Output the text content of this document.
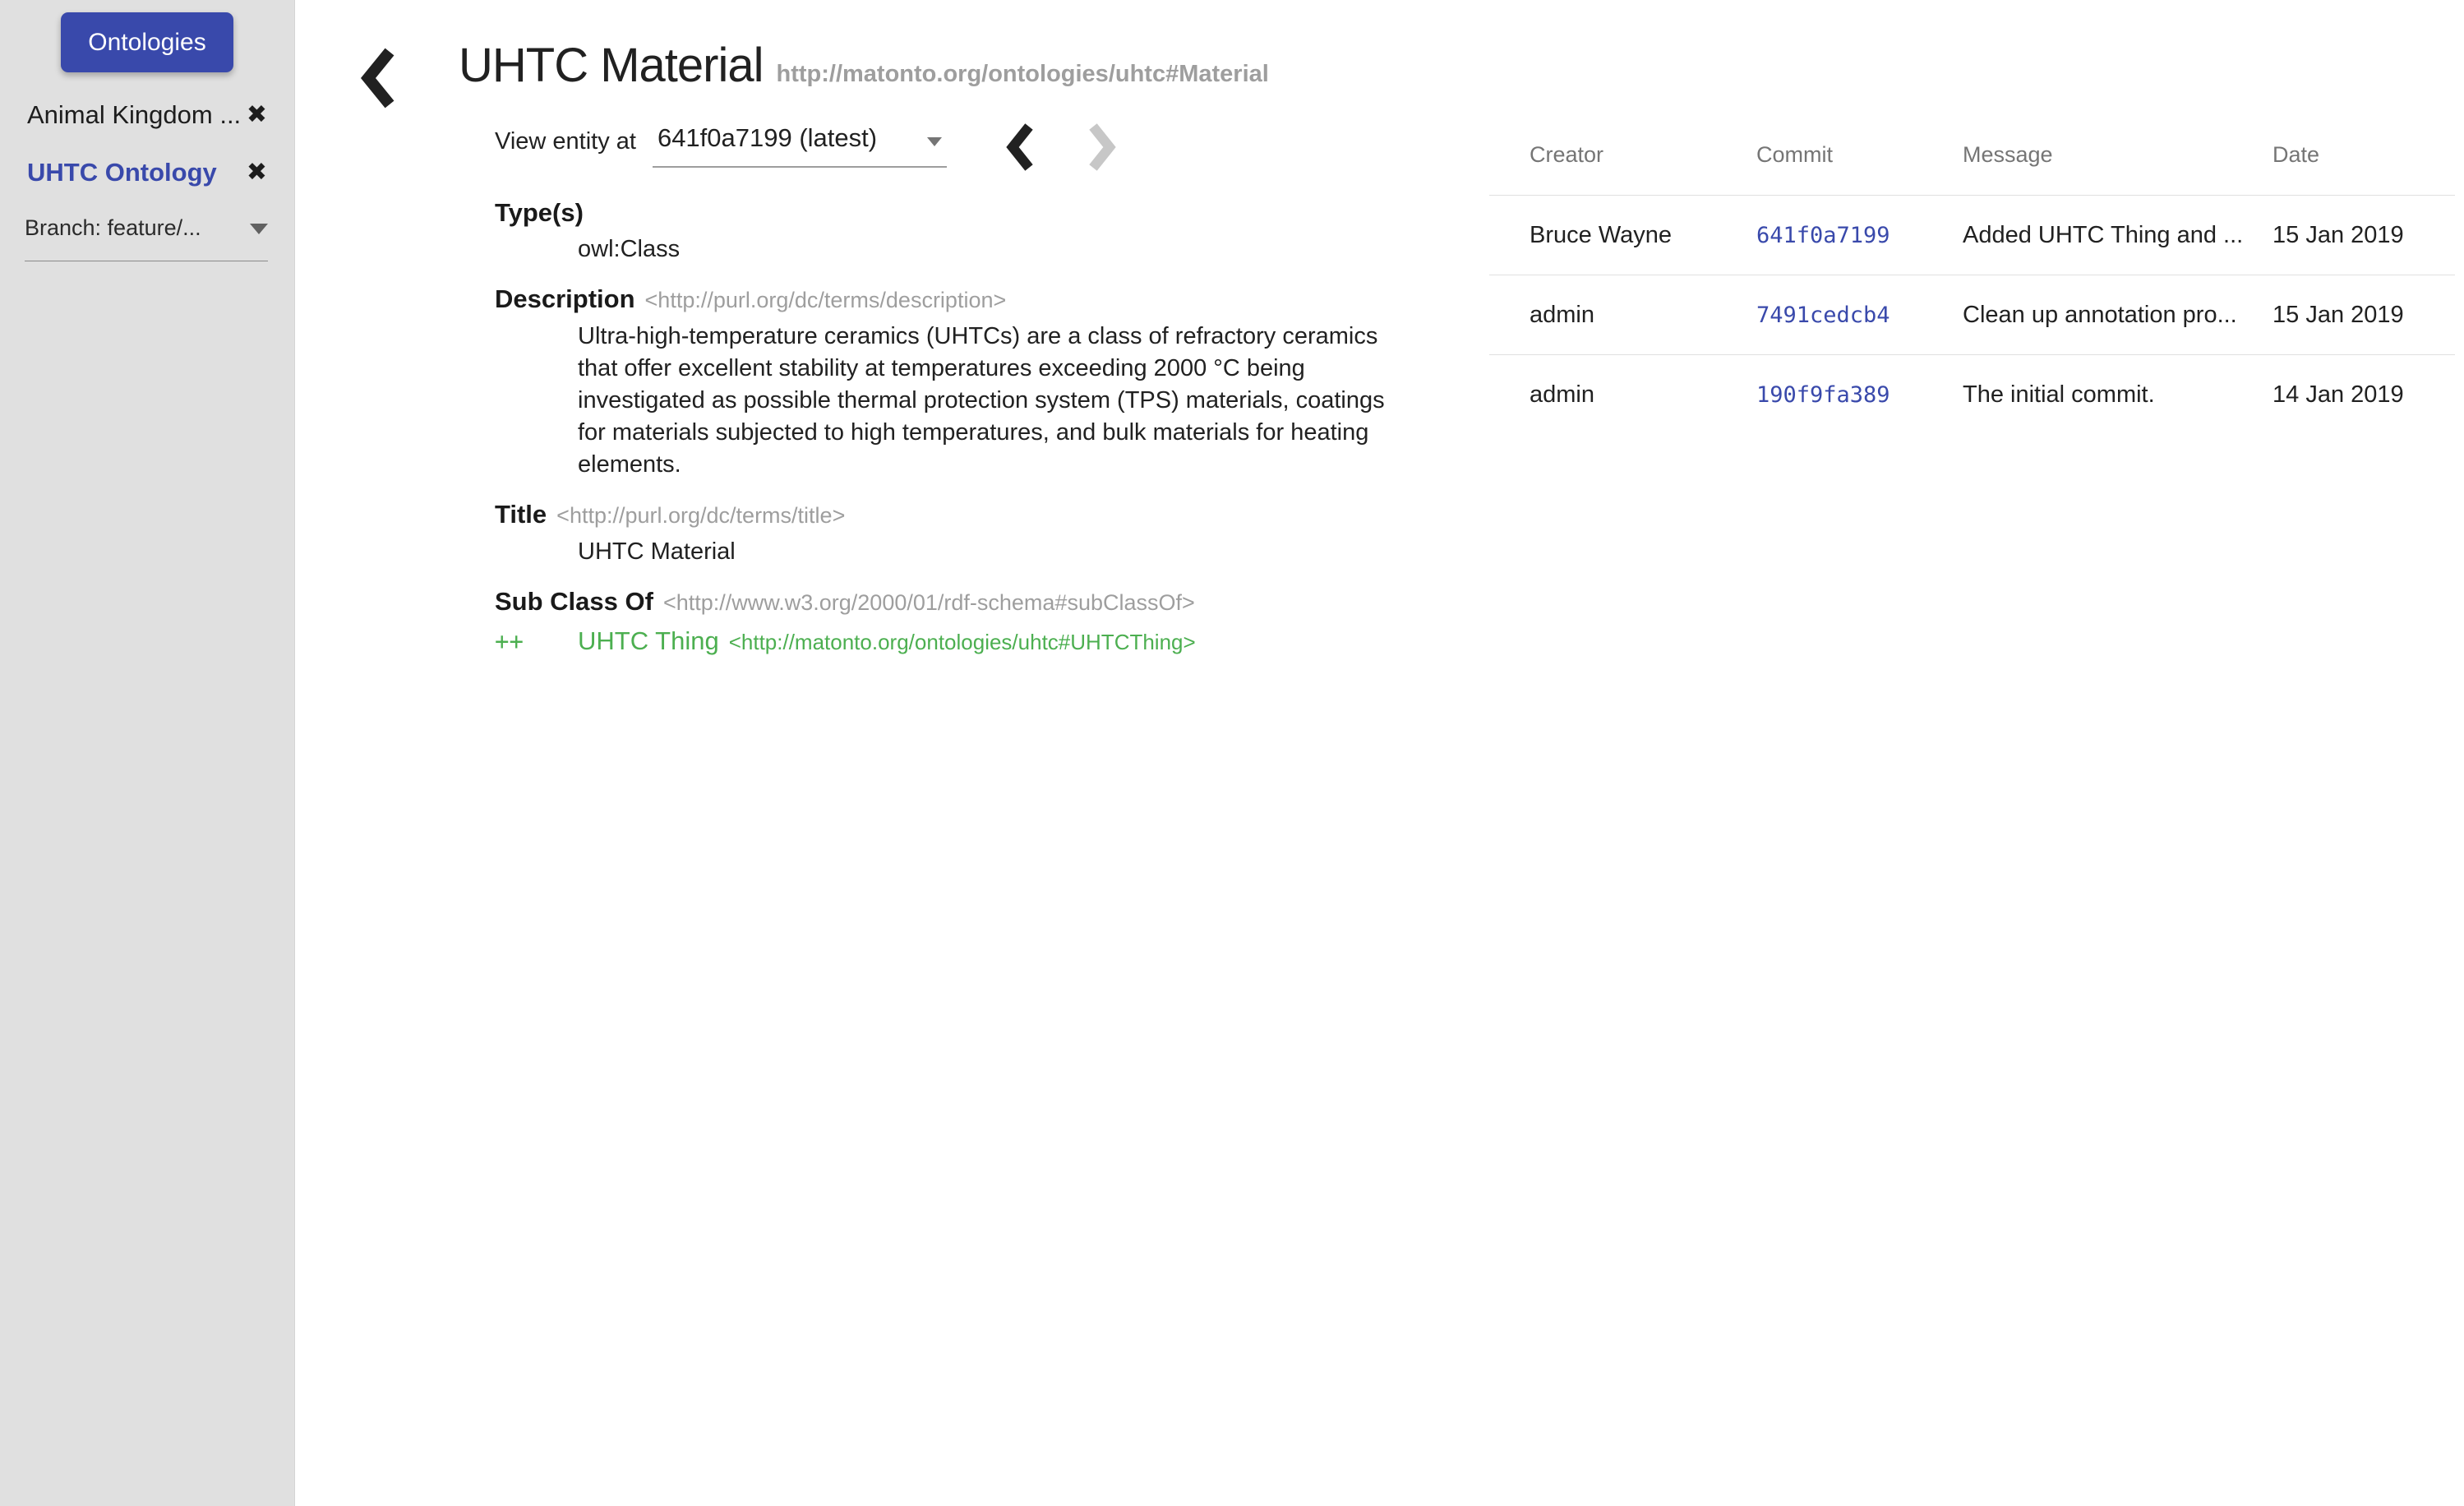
Ontologies
Animal Kingdom ... ✖
UHTC Ontology ✖
Branch: feature/...
UHTC Material http://matonto.org/ontologies/uhtc#Material
View entity at 641f0a7199 (latest)
Type(s)
owl:Class
Description <http://purl.org/dc/terms/description>
Ultra-high-temperature ceramics (UHTCs) are a class of refractory ceramics that offer excellent stability at temperatures exceeding 2000 °C being investigated as possible thermal protection system (TPS) materials, coatings for materials subjected to high temperatures, and bulk materials for heating elements.
Title <http://purl.org/dc/terms/title>
UHTC Material
Sub Class Of <http://www.w3.org/2000/01/rdf-schema#subClassOf>
++	UHTC Thing <http://matonto.org/ontologies/uhtc#UHTCThing>
Creator	Commit	Message	Date
Bruce Wayne	641f0a7199	Added UHTC Thing and ...	15 Jan 2019
admin	7491cedcb4	Clean up annotation pro...	15 Jan 2019
admin	190f9fa389	The initial commit.	14 Jan 2019
